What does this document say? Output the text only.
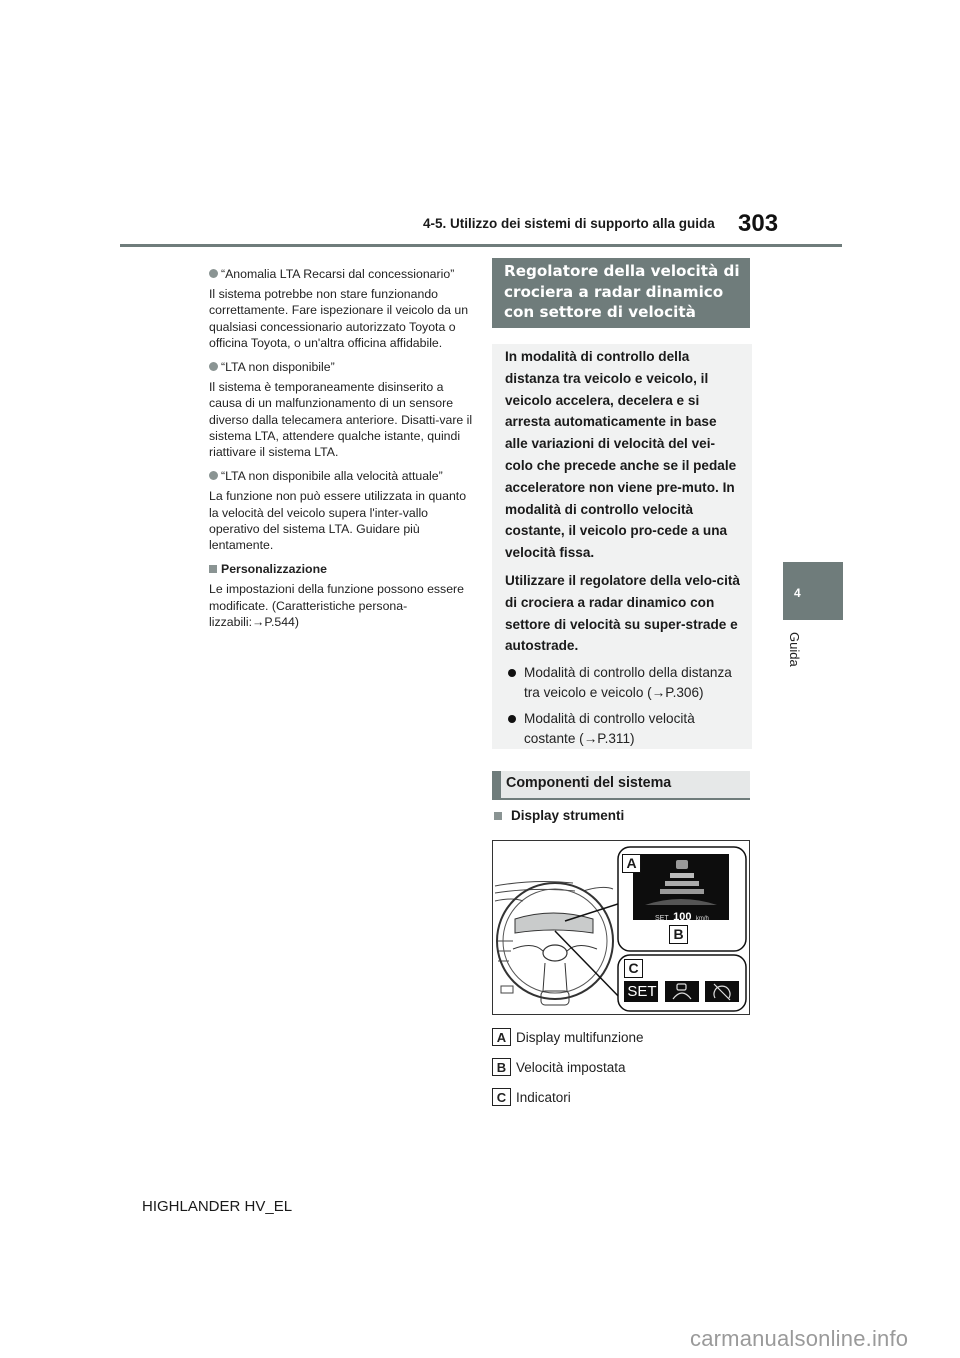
4-5. Utilizzo dei sistemi di supporto alla guida 303
4
Guida
“Anomalia LTA Recarsi dal concessionario”
Il sistema potrebbe non stare funzionando correttamente. Fare ispezionare il veicolo da un qualsiasi concessionario autorizzato Toyota o officina Toyota, o un'altra officina affidabile.
“LTA non disponibile”
Il sistema è temporaneamente disinserito a causa di un malfunzionamento di un sensore diverso dalla telecamera anteriore. Disatti-vare il sistema LTA, attendere qualche istante, quindi riattivare il sistema LTA.
“LTA non disponibile alla velocità attuale”
La funzione non può essere utilizzata in quanto la velocità del veicolo supera l'inter-vallo operativo del sistema LTA. Guidare più lentamente.
Personalizzazione
Le impostazioni della funzione possono essere modificate. (Caratteristiche persona-lizzabili:→P.544)
Regolatore della velocità di crociera a radar dinamico con settore di velocità
In modalità di controllo della distanza tra veicolo e veicolo, il veicolo accelera, decelera e si arresta automaticamente in base alle variazioni di velocità del vei-colo che precede anche se il pedale acceleratore non viene pre-muto. In modalità di controllo velocità costante, il veicolo pro-cede a una velocità fissa.
Utilizzare il regolatore della velo-cità di crociera a radar dinamico con settore di velocità su super-strade e autostrade.
Modalità di controllo della distanza tra veicolo e veicolo (→P.306)
Modalità di controllo velocità costante (→P.311)
Componenti del sistema
Display strumenti
A
B
C
SET 100 km/h
SET
A Display multifunzione
B Velocità impostata
C Indicatori
HIGHLANDER HV_EL
carmanualsonline.info
